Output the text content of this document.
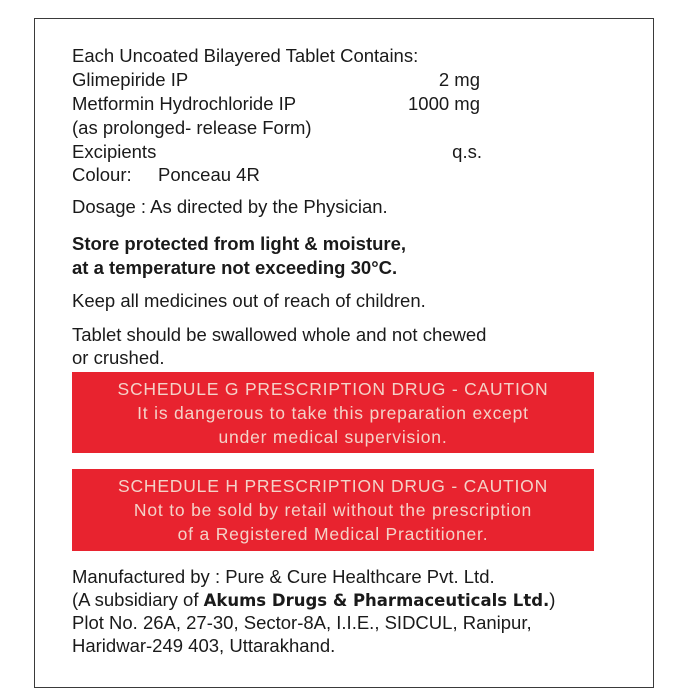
Each Uncoated Bilayered Tablet Contains:
Glimepiride IP	2 mg
Metformin Hydrochloride IP	1000 mg
(as prolonged- release Form)
Excipients	q.s.
Colour: Ponceau 4R
Dosage : As directed by the Physician.
Store protected from light & moisture,
at a temperature not exceeding 30°C.
Keep all medicines out of reach of children.
Tablet should be swallowed whole and not chewed
or crushed.
SCHEDULE G PRESCRIPTION DRUG - CAUTION
It is dangerous to take this preparation except
under medical supervision.
SCHEDULE H PRESCRIPTION DRUG - CAUTION
Not to be sold by retail without the prescription
of a Registered Medical Practitioner.
Manufactured by : Pure & Cure Healthcare Pvt. Ltd.
(A subsidiary of Akums Drugs & Pharmaceuticals Ltd.)
Plot No. 26A, 27-30, Sector-8A, I.I.E., SIDCUL, Ranipur,
Haridwar-249 403, Uttarakhand.
